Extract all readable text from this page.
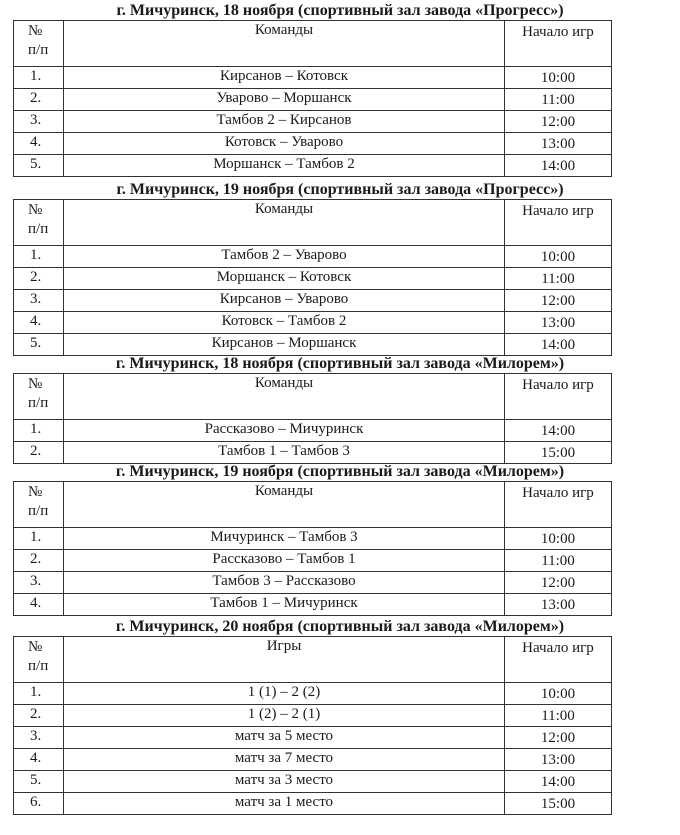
г. Мичуринск, 18 ноября (спортивный зал завода «Прогресс»)
№
п/п	Команды	Начало игр
1.	Кирсанов – Котовск	10:00
2.	Уварово – Моршанск	11:00
3.	Тамбов 2 – Кирсанов	12:00
4.	Котовск – Уварово	13:00
5.	Моршанск – Тамбов 2	14:00
г. Мичуринск, 19 ноября (спортивный зал завода «Прогресс»)
№
п/п	Команды	Начало игр
1.	Тамбов 2 – Уварово	10:00
2.	Моршанск – Котовск	11:00
3.	Кирсанов – Уварово	12:00
4.	Котовск – Тамбов 2	13:00
5.	Кирсанов – Моршанск	14:00
г. Мичуринск, 18 ноября (спортивный зал завода «Милорем»)
№
п/п	Команды	Начало игр
1.	Рассказово – Мичуринск	14:00
2.	Тамбов 1 – Тамбов 3	15:00
г. Мичуринск, 19 ноября (спортивный зал завода «Милорем»)
№
п/п	Команды	Начало игр
1.	Мичуринск – Тамбов 3	10:00
2.	Рассказово – Тамбов 1	11:00
3.	Тамбов 3 – Рассказово	12:00
4.	Тамбов 1 – Мичуринск	13:00
г. Мичуринск, 20 ноября (спортивный зал завода «Милорем»)
№
п/п	Игры	Начало игр
1.	1 (1) – 2 (2)	10:00
2.	1 (2) – 2 (1)	11:00
3.	матч за 5 место	12:00
4.	матч за 7 место	13:00
5.	матч за 3 место	14:00
6.	матч за 1 место	15:00
